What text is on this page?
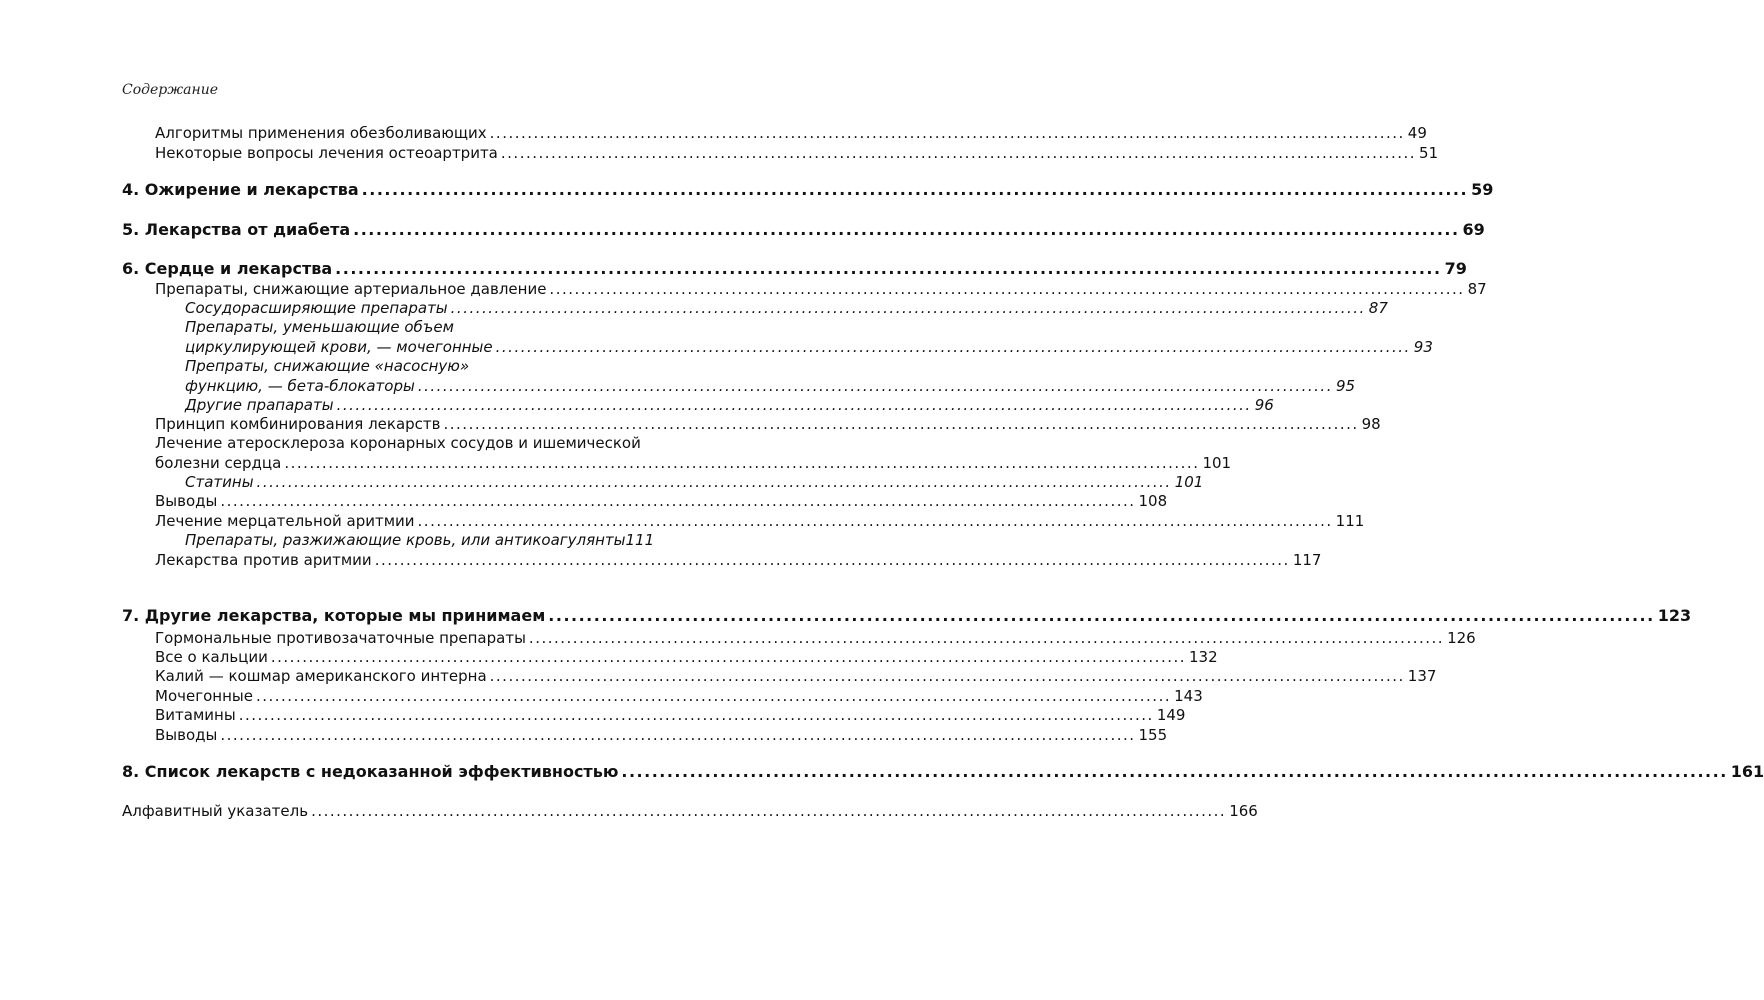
Содержание
Алгоритмы применения обезболивающих .................................................................................................................................................. 49
Некоторые вопросы лечения остеоартрита .................................................................................................................................................. 51
4. Ожирение и лекарства .................................................................................................................................................. 59
5. Лекарства от диабета .................................................................................................................................................. 69
6. Сердце и лекарства .................................................................................................................................................. 79
Препараты, снижающие артериальное давление .................................................................................................................................................. 87
Сосудорасширяющие препараты .................................................................................................................................................. 87
Препараты, уменьшающие объем
циркулирующей крови, — мочегонные .................................................................................................................................................. 93
Препраты, снижающие «насосную»
функцию, — бета-блокаторы .................................................................................................................................................. 95
Другие прапараты .................................................................................................................................................. 96
Принцип комбинирования лекарств .................................................................................................................................................. 98
Лечение атеросклероза коронарных сосудов и ишемической
болезни сердца .................................................................................................................................................. 101
Статины .................................................................................................................................................. 101
Выводы .................................................................................................................................................. 108
Лечение мерцательной аритмии .................................................................................................................................................. 111
Препараты, разжижающие кровь, или антикоагулянты 111
Лекарства против аритмии .................................................................................................................................................. 117
7. Другие лекарства, которые мы принимаем .................................................................................................................................................. 123
Гормональные противозачаточные препараты .................................................................................................................................................. 126
Все о кальции .................................................................................................................................................. 132
Калий — кошмар американского интерна .................................................................................................................................................. 137
Мочегонные .................................................................................................................................................. 143
Витамины .................................................................................................................................................. 149
Выводы .................................................................................................................................................. 155
8. Список лекарств с недоказанной эффективностью .................................................................................................................................................. 161
Алфавитный указатель .................................................................................................................................................. 166
